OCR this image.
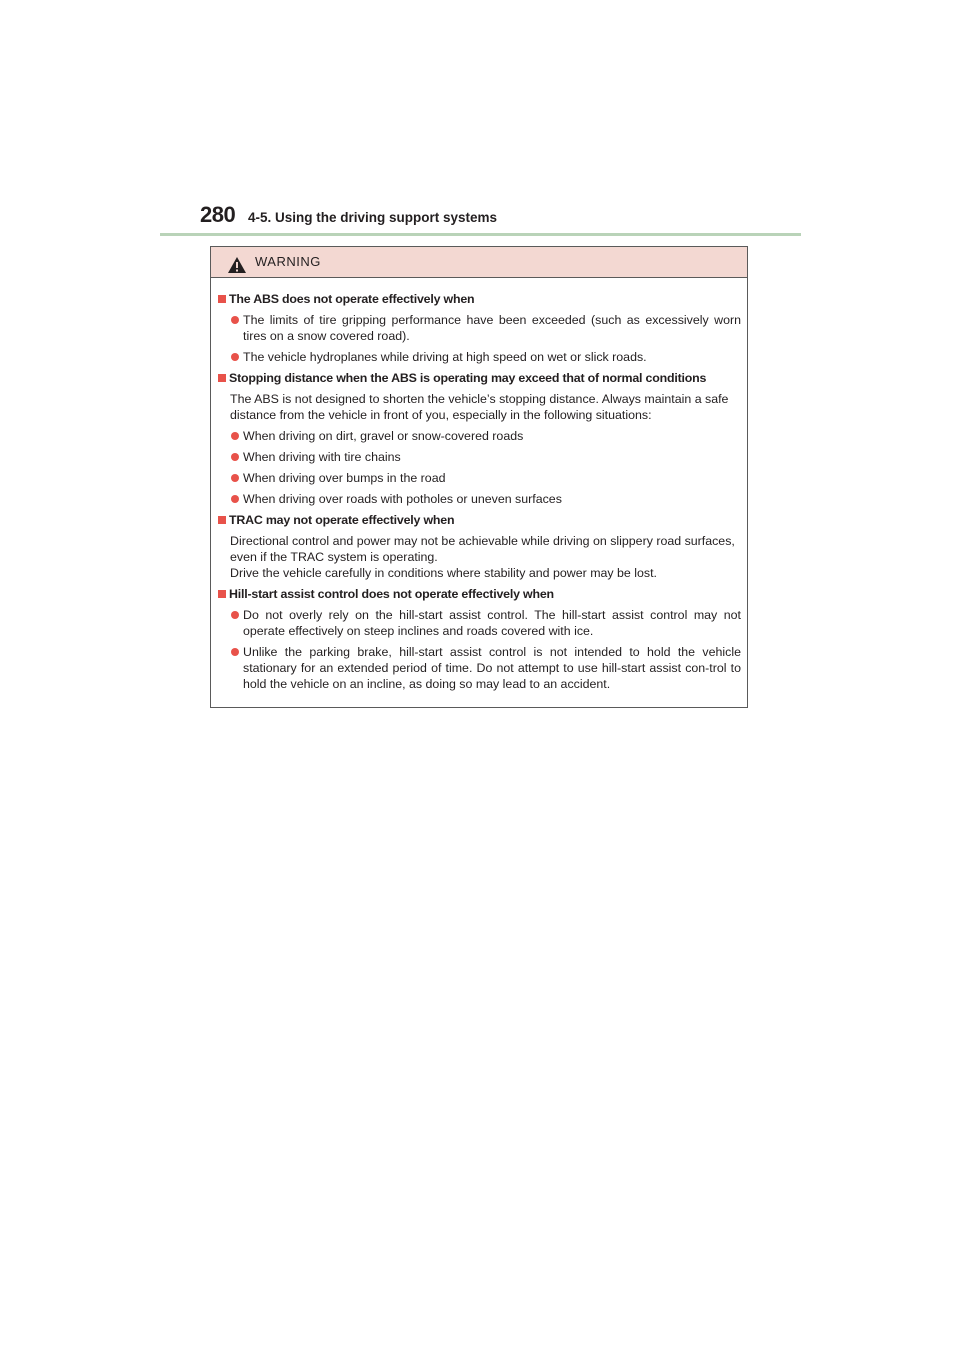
280 4-5. Using the driving support systems
WARNING
The ABS does not operate effectively when
The limits of tire gripping performance have been exceeded (such as excessively worn tires on a snow covered road).
The vehicle hydroplanes while driving at high speed on wet or slick roads.
Stopping distance when the ABS is operating may exceed that of normal conditions
The ABS is not designed to shorten the vehicle’s stopping distance. Always maintain a safe distance from the vehicle in front of you, especially in the following situations:
When driving on dirt, gravel or snow-covered roads
When driving with tire chains
When driving over bumps in the road
When driving over roads with potholes or uneven surfaces
TRAC may not operate effectively when
Directional control and power may not be achievable while driving on slippery road surfaces, even if the TRAC system is operating.
Drive the vehicle carefully in conditions where stability and power may be lost.
Hill-start assist control does not operate effectively when
Do not overly rely on the hill-start assist control. The hill-start assist control may not operate effectively on steep inclines and roads covered with ice.
Unlike the parking brake, hill-start assist control is not intended to hold the vehicle stationary for an extended period of time. Do not attempt to use hill-start assist con-trol to hold the vehicle on an incline, as doing so may lead to an accident.
